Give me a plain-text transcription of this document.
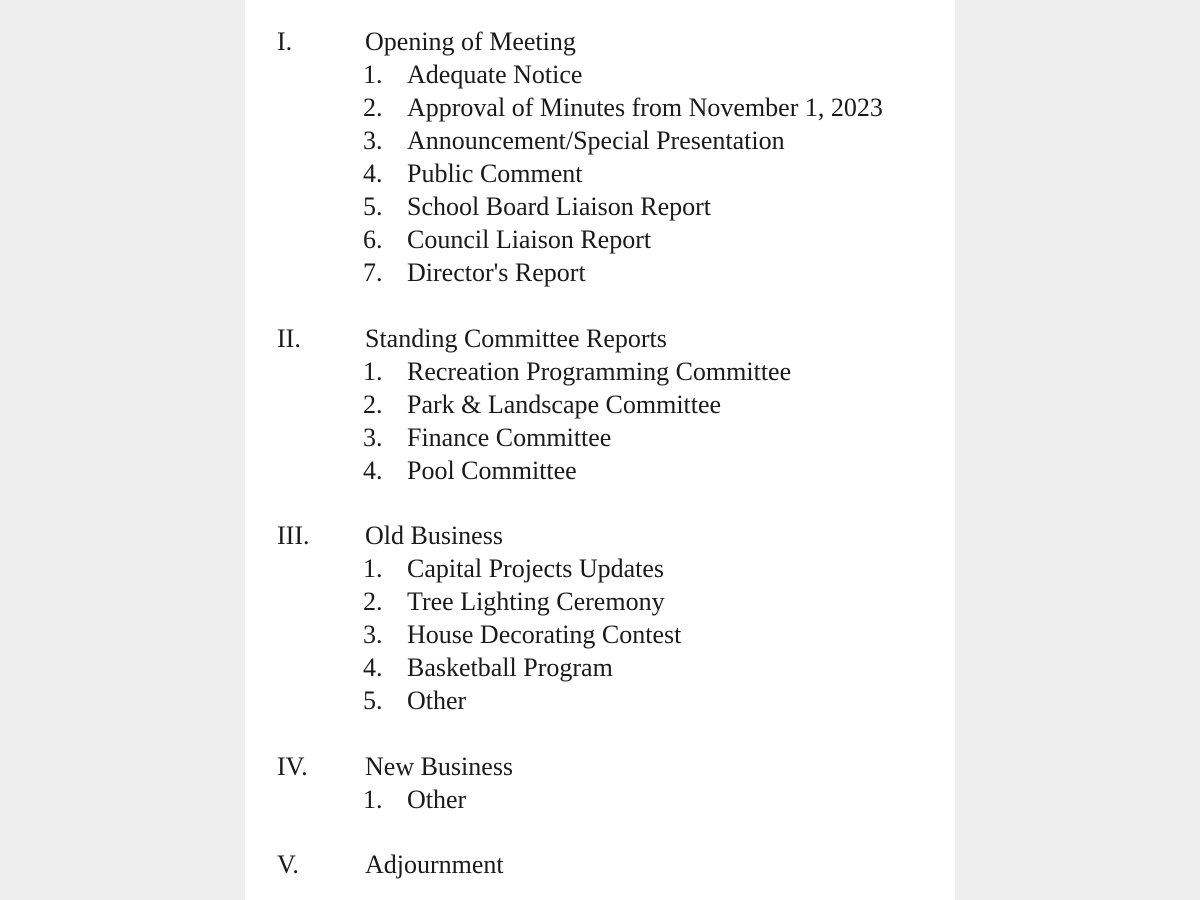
I.	Opening of Meeting
1. Adequate Notice
2. Approval of Minutes from November 1, 2023
3. Announcement/Special Presentation
4. Public Comment
5. School Board Liaison Report
6. Council Liaison Report
7. Director's Report
II. Standing Committee Reports
1. Recreation Programming Committee
2. Park & Landscape Committee
3. Finance Committee
4. Pool Committee
III. Old Business
1. Capital Projects Updates
2. Tree Lighting Ceremony
3. House Decorating Contest
4. Basketball Program
5. Other
IV. New Business
1. Other
V.	Adjournment
